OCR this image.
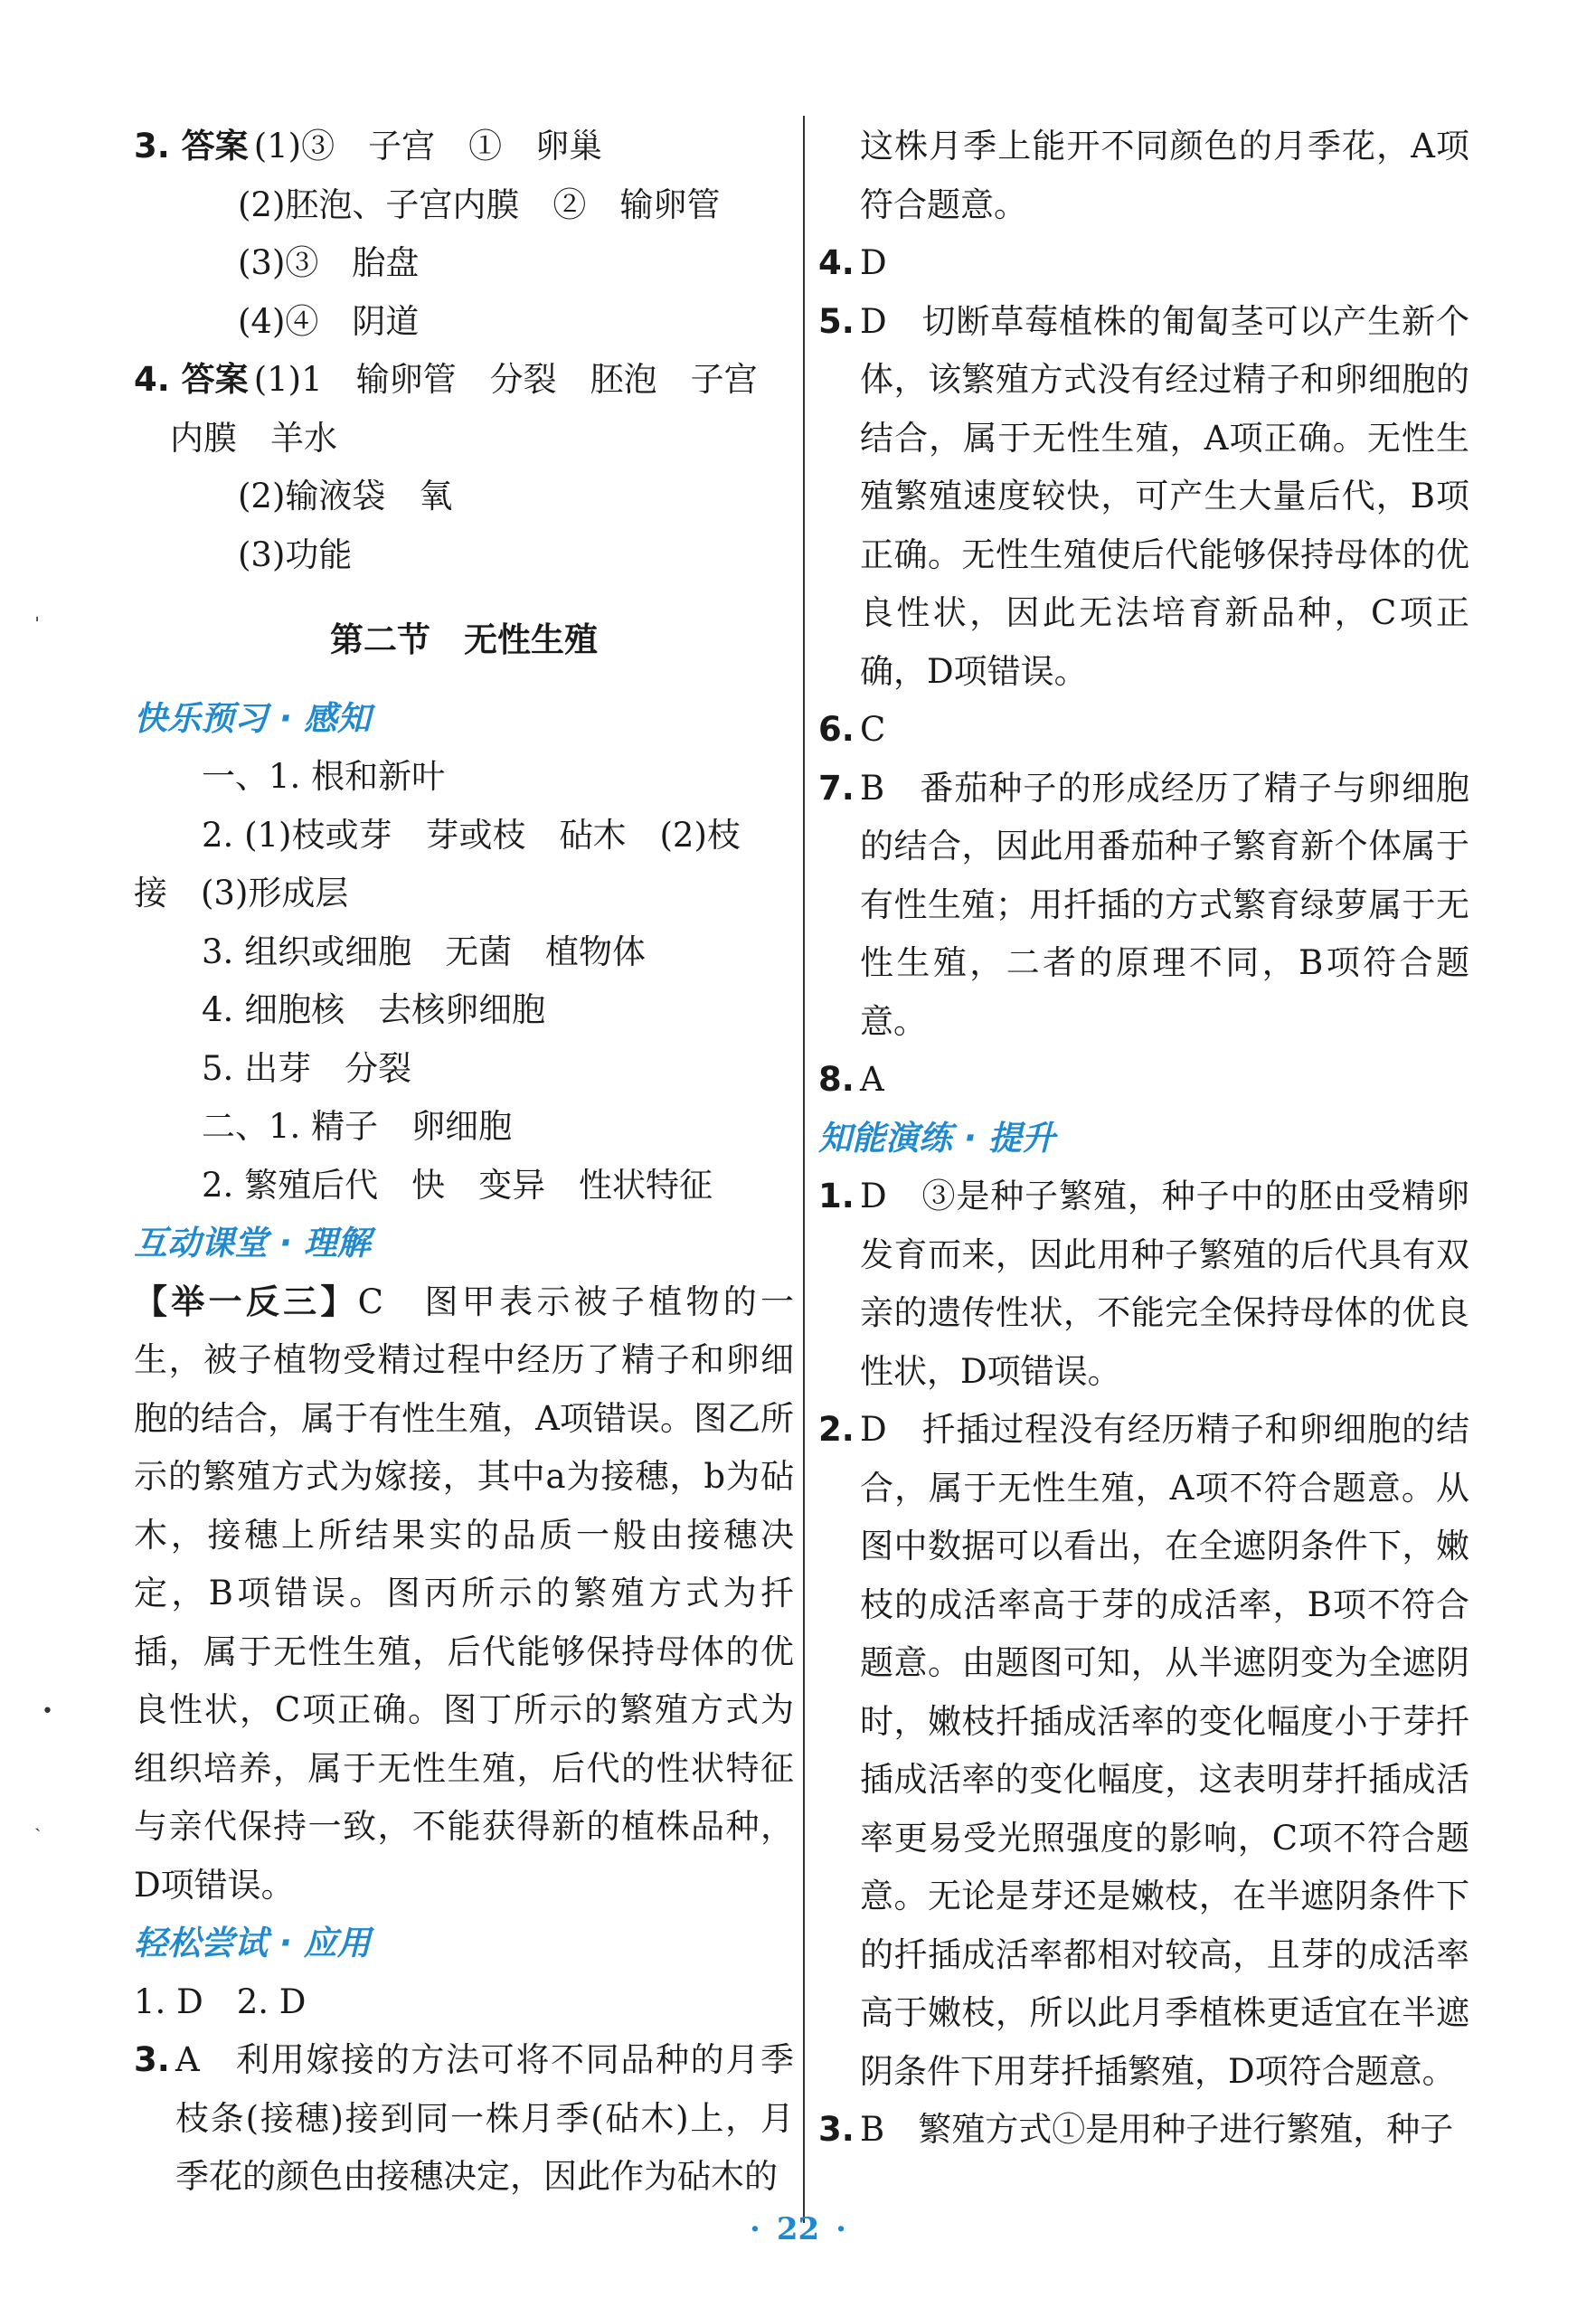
3. 答案 (1)③　子宫　①　卵巢
(2)胚泡、子宫内膜　②　输卵管
(3)③　胎盘
(4)④　阴道
4. 答案 (1)1　输卵管　分裂　胚泡　子宫
内膜　羊水
(2)输液袋　氧
(3)功能
第二节　无性生殖
快乐预习 · 感知
一、1. 根和新叶
2. (1)枝或芽　芽或枝　砧木　(2)枝
接　(3)形成层
3. 组织或细胞　无菌　植物体
4. 细胞核　去核卵细胞
5. 出芽　分裂
二、1. 精子　卵细胞
2. 繁殖后代　快　变异　性状特征
互动课堂 · 理解
【举一反三】C　图甲表示被子植物的一生，被子植物受精过程中经历了精子和卵细胞的结合，属于有性生殖，A项错误。图乙所示的繁殖方式为嫁接，其中a为接穗，b为砧木，接穗上所结果实的品质一般由接穗决定，B项错误。图丙所示的繁殖方式为扦插，属于无性生殖，后代能够保持母体的优良性状，C项正确。图丁所示的繁殖方式为组织培养，属于无性生殖，后代的性状特征与亲代保持一致，不能获得新的植株品种，D项错误。
轻松尝试 · 应用
1. D　2. D
3. A　利用嫁接的方法可将不同品种的月季枝条(接穗)接到同一株月季(砧木)上，月季花的颜色由接穗决定，因此作为砧木的
这株月季上能开不同颜色的月季花，A项符合题意。
4. D
5. D　切断草莓植株的匍匐茎可以产生新个体，该繁殖方式没有经过精子和卵细胞的结合，属于无性生殖，A项正确。无性生殖繁殖速度较快，可产生大量后代，B项正确。无性生殖使后代能够保持母体的优良性状，因此无法培育新品种，C项正确，D项错误。
6. C
7. B　番茄种子的形成经历了精子与卵细胞的结合，因此用番茄种子繁育新个体属于有性生殖；用扦插的方式繁育绿萝属于无性生殖，二者的原理不同，B项符合题意。
8. A
知能演练 · 提升
1. D　③是种子繁殖，种子中的胚由受精卵发育而来，因此用种子繁殖的后代具有双亲的遗传性状，不能完全保持母体的优良性状，D项错误。
2. D　扦插过程没有经历精子和卵细胞的结合，属于无性生殖，A项不符合题意。从图中数据可以看出，在全遮阴条件下，嫩枝的成活率高于芽的成活率，B项不符合题意。由题图可知，从半遮阴变为全遮阴时，嫩枝扦插成活率的变化幅度小于芽扦插成活率的变化幅度，这表明芽扦插成活率更易受光照强度的影响，C项不符合题意。无论是芽还是嫩枝，在半遮阴条件下的扦插成活率都相对较高，且芽的成活率高于嫩枝，所以此月季植株更适宜在半遮阴条件下用芽扦插繁殖，D项符合题意。
3. B　繁殖方式①是用种子进行繁殖，种子
· 22 ·
ˌ
•
ˎ
